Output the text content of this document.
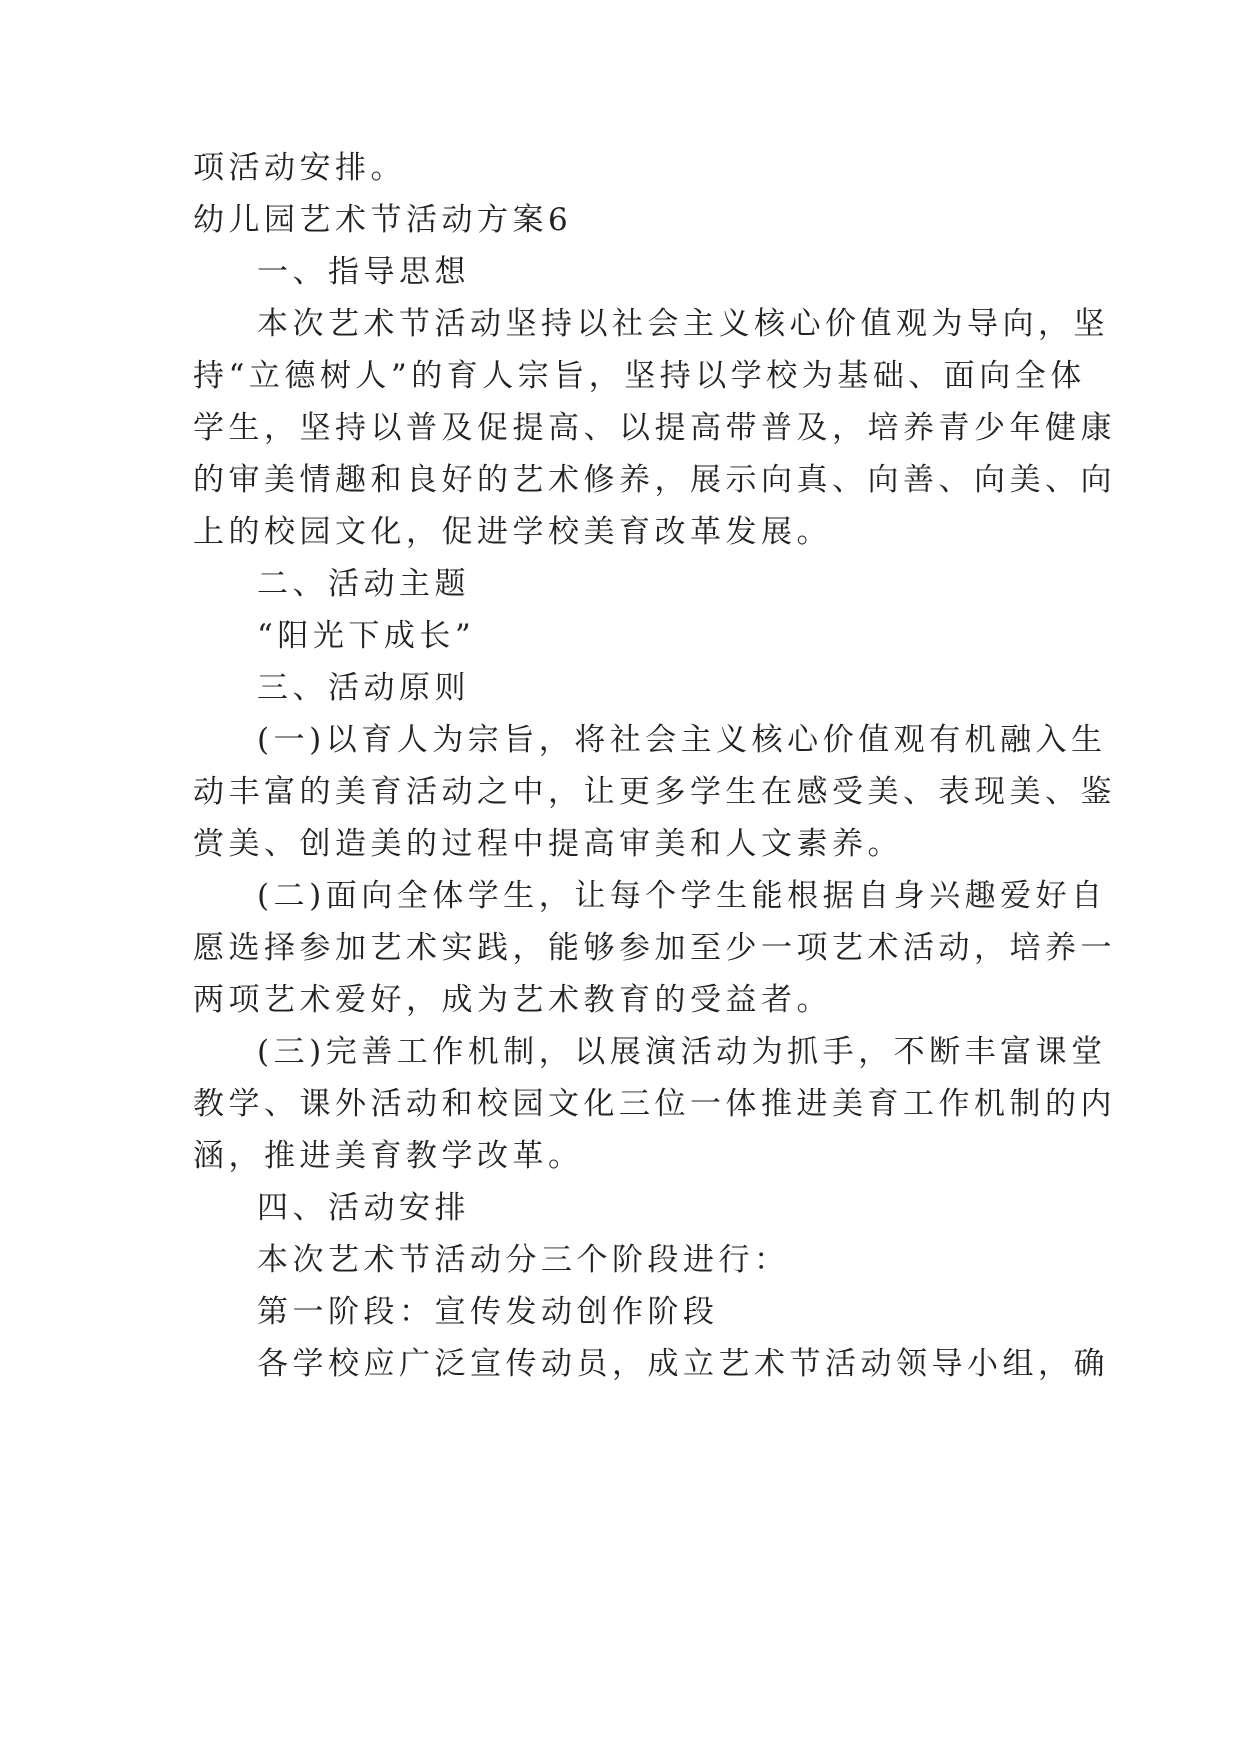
项活动安排。
幼儿园艺术节活动方案6
一、指导思想
本次艺术节活动坚持以社会主义核心价值观为导向，坚
持“立德树人”的育人宗旨，坚持以学校为基础、面向全体
学生，坚持以普及促提高、以提高带普及，培养青少年健康
的审美情趣和良好的艺术修养，展示向真、向善、向美、向
上的校园文化，促进学校美育改革发展。
二、活动主题
“阳光下成长”
三、活动原则
(一)以育人为宗旨，将社会主义核心价值观有机融入生
动丰富的美育活动之中，让更多学生在感受美、表现美、鉴
赏美、创造美的过程中提高审美和人文素养。
(二)面向全体学生，让每个学生能根据自身兴趣爱好自
愿选择参加艺术实践，能够参加至少一项艺术活动，培养一
两项艺术爱好，成为艺术教育的受益者。
(三)完善工作机制，以展演活动为抓手，不断丰富课堂
教学、课外活动和校园文化三位一体推进美育工作机制的内
涵，推进美育教学改革。
四、活动安排
本次艺术节活动分三个阶段进行：
第一阶段：宣传发动创作阶段
各学校应广泛宣传动员，成立艺术节活动领导小组，确
